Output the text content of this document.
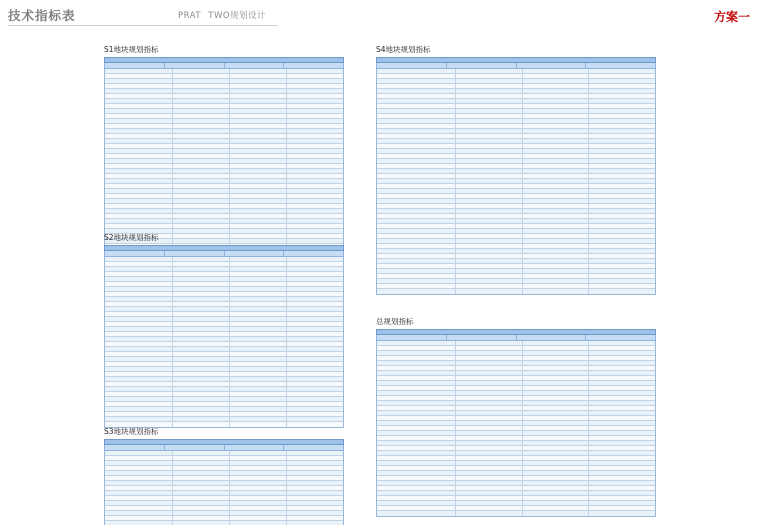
技术指标表	PRAT TWO规划设计	方案一
S1地块规划指标
S2地块规划指标
S3地块规划指标
S4地块规划指标
总规划指标
